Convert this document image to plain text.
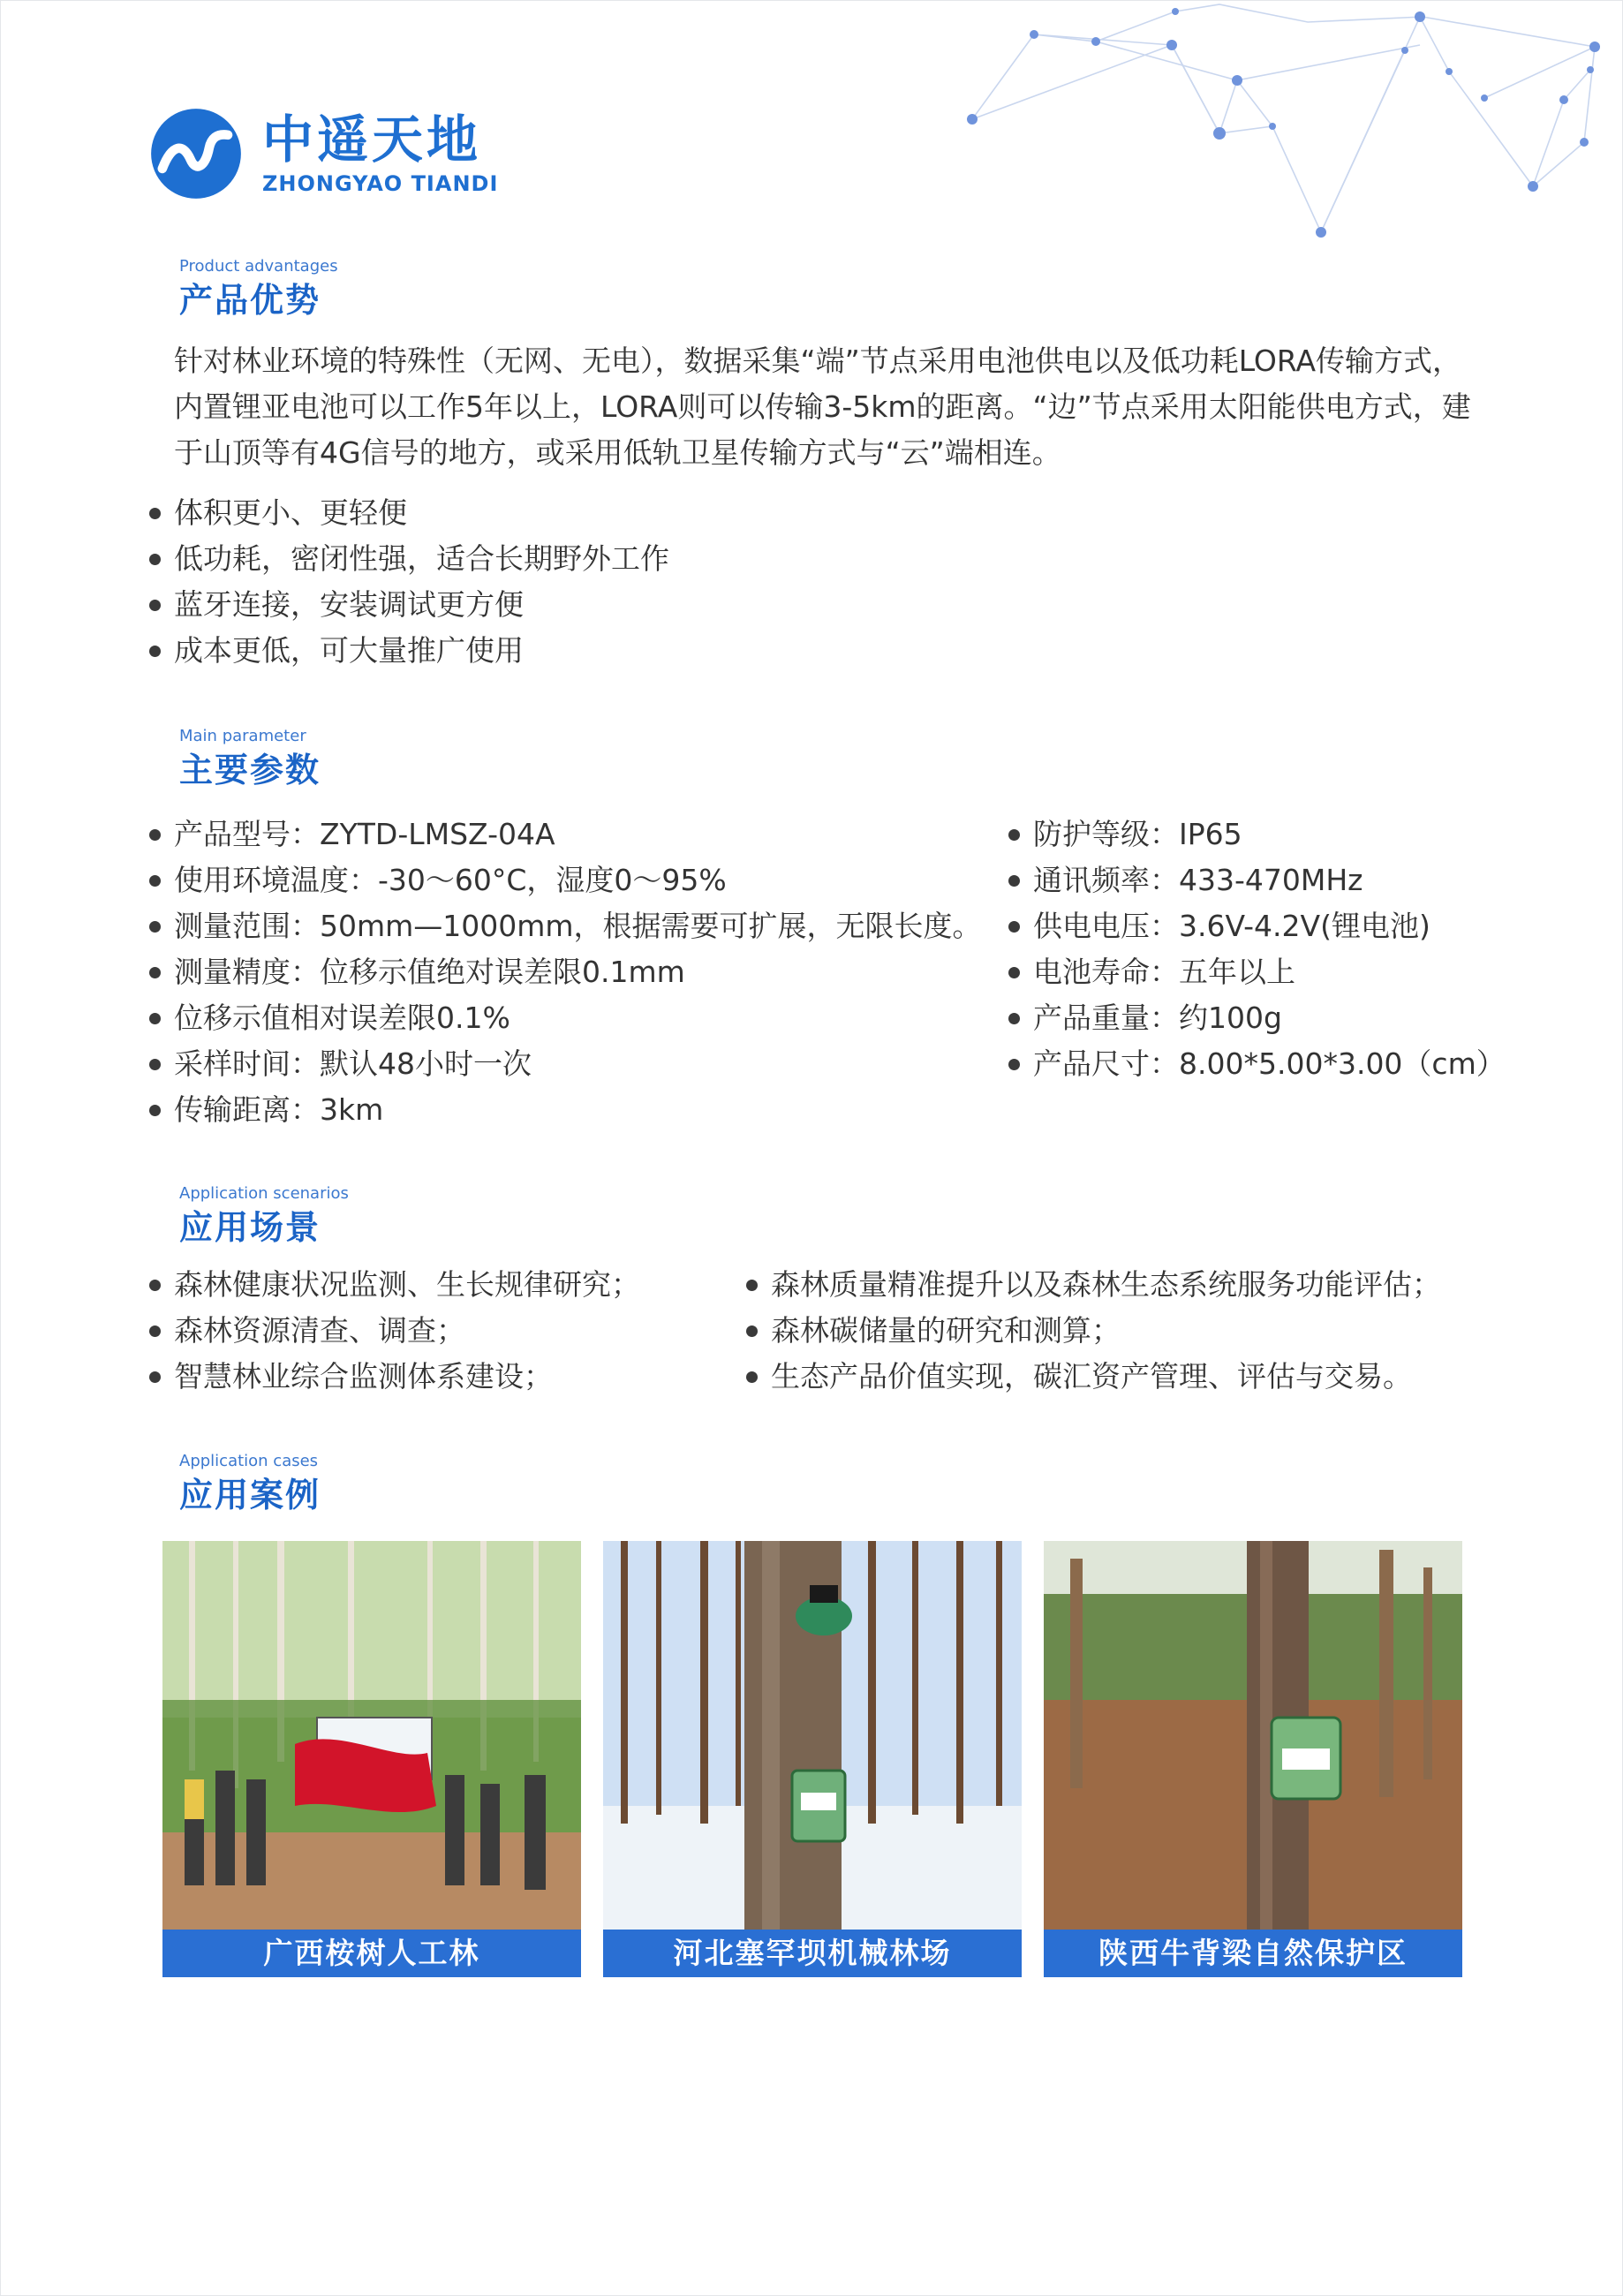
中遥天地
ZHONGYAO TIANDI
Product advantages
产品优势
针对林业环境的特殊性（无网、无电），数据采集“端”节点采用电池供电以及低功耗LORA传输方式，内置锂亚电池可以工作5年以上，LORA则可以传输3-5km的距离。“边”节点采用太阳能供电方式，建于山顶等有4G信号的地方，或采用低轨卫星传输方式与“云”端相连。
体积更小、更轻便
低功耗，密闭性强，适合长期野外工作
蓝牙连接，安装调试更方便
成本更低，可大量推广使用
Main parameter
主要参数
产品型号：ZYTD-LMSZ-04A
使用环境温度：-30～60°C，湿度0～95%
测量范围：50mm—1000mm，根据需要可扩展，无限长度。
测量精度：位移示值绝对误差限0.1mm
位移示值相对误差限0.1%
采样时间：默认48小时一次
传输距离：3km
防护等级：IP65
通讯频率：433-470MHz
供电电压：3.6V-4.2V(锂电池)
电池寿命：五年以上
产品重量：约100g
产品尺寸：8.00*5.00*3.00（cm）
Application scenarios
应用场景
森林健康状况监测、生长规律研究；
森林资源清查、调查；
智慧林业综合监测体系建设；
森林质量精准提升以及森林生态系统服务功能评估；
森林碳储量的研究和测算；
生态产品价值实现，碳汇资产管理、评估与交易。
Application cases
应用案例
广西桉树人工林	河北塞罕坝机械林场	陕西牛背梁自然保护区
